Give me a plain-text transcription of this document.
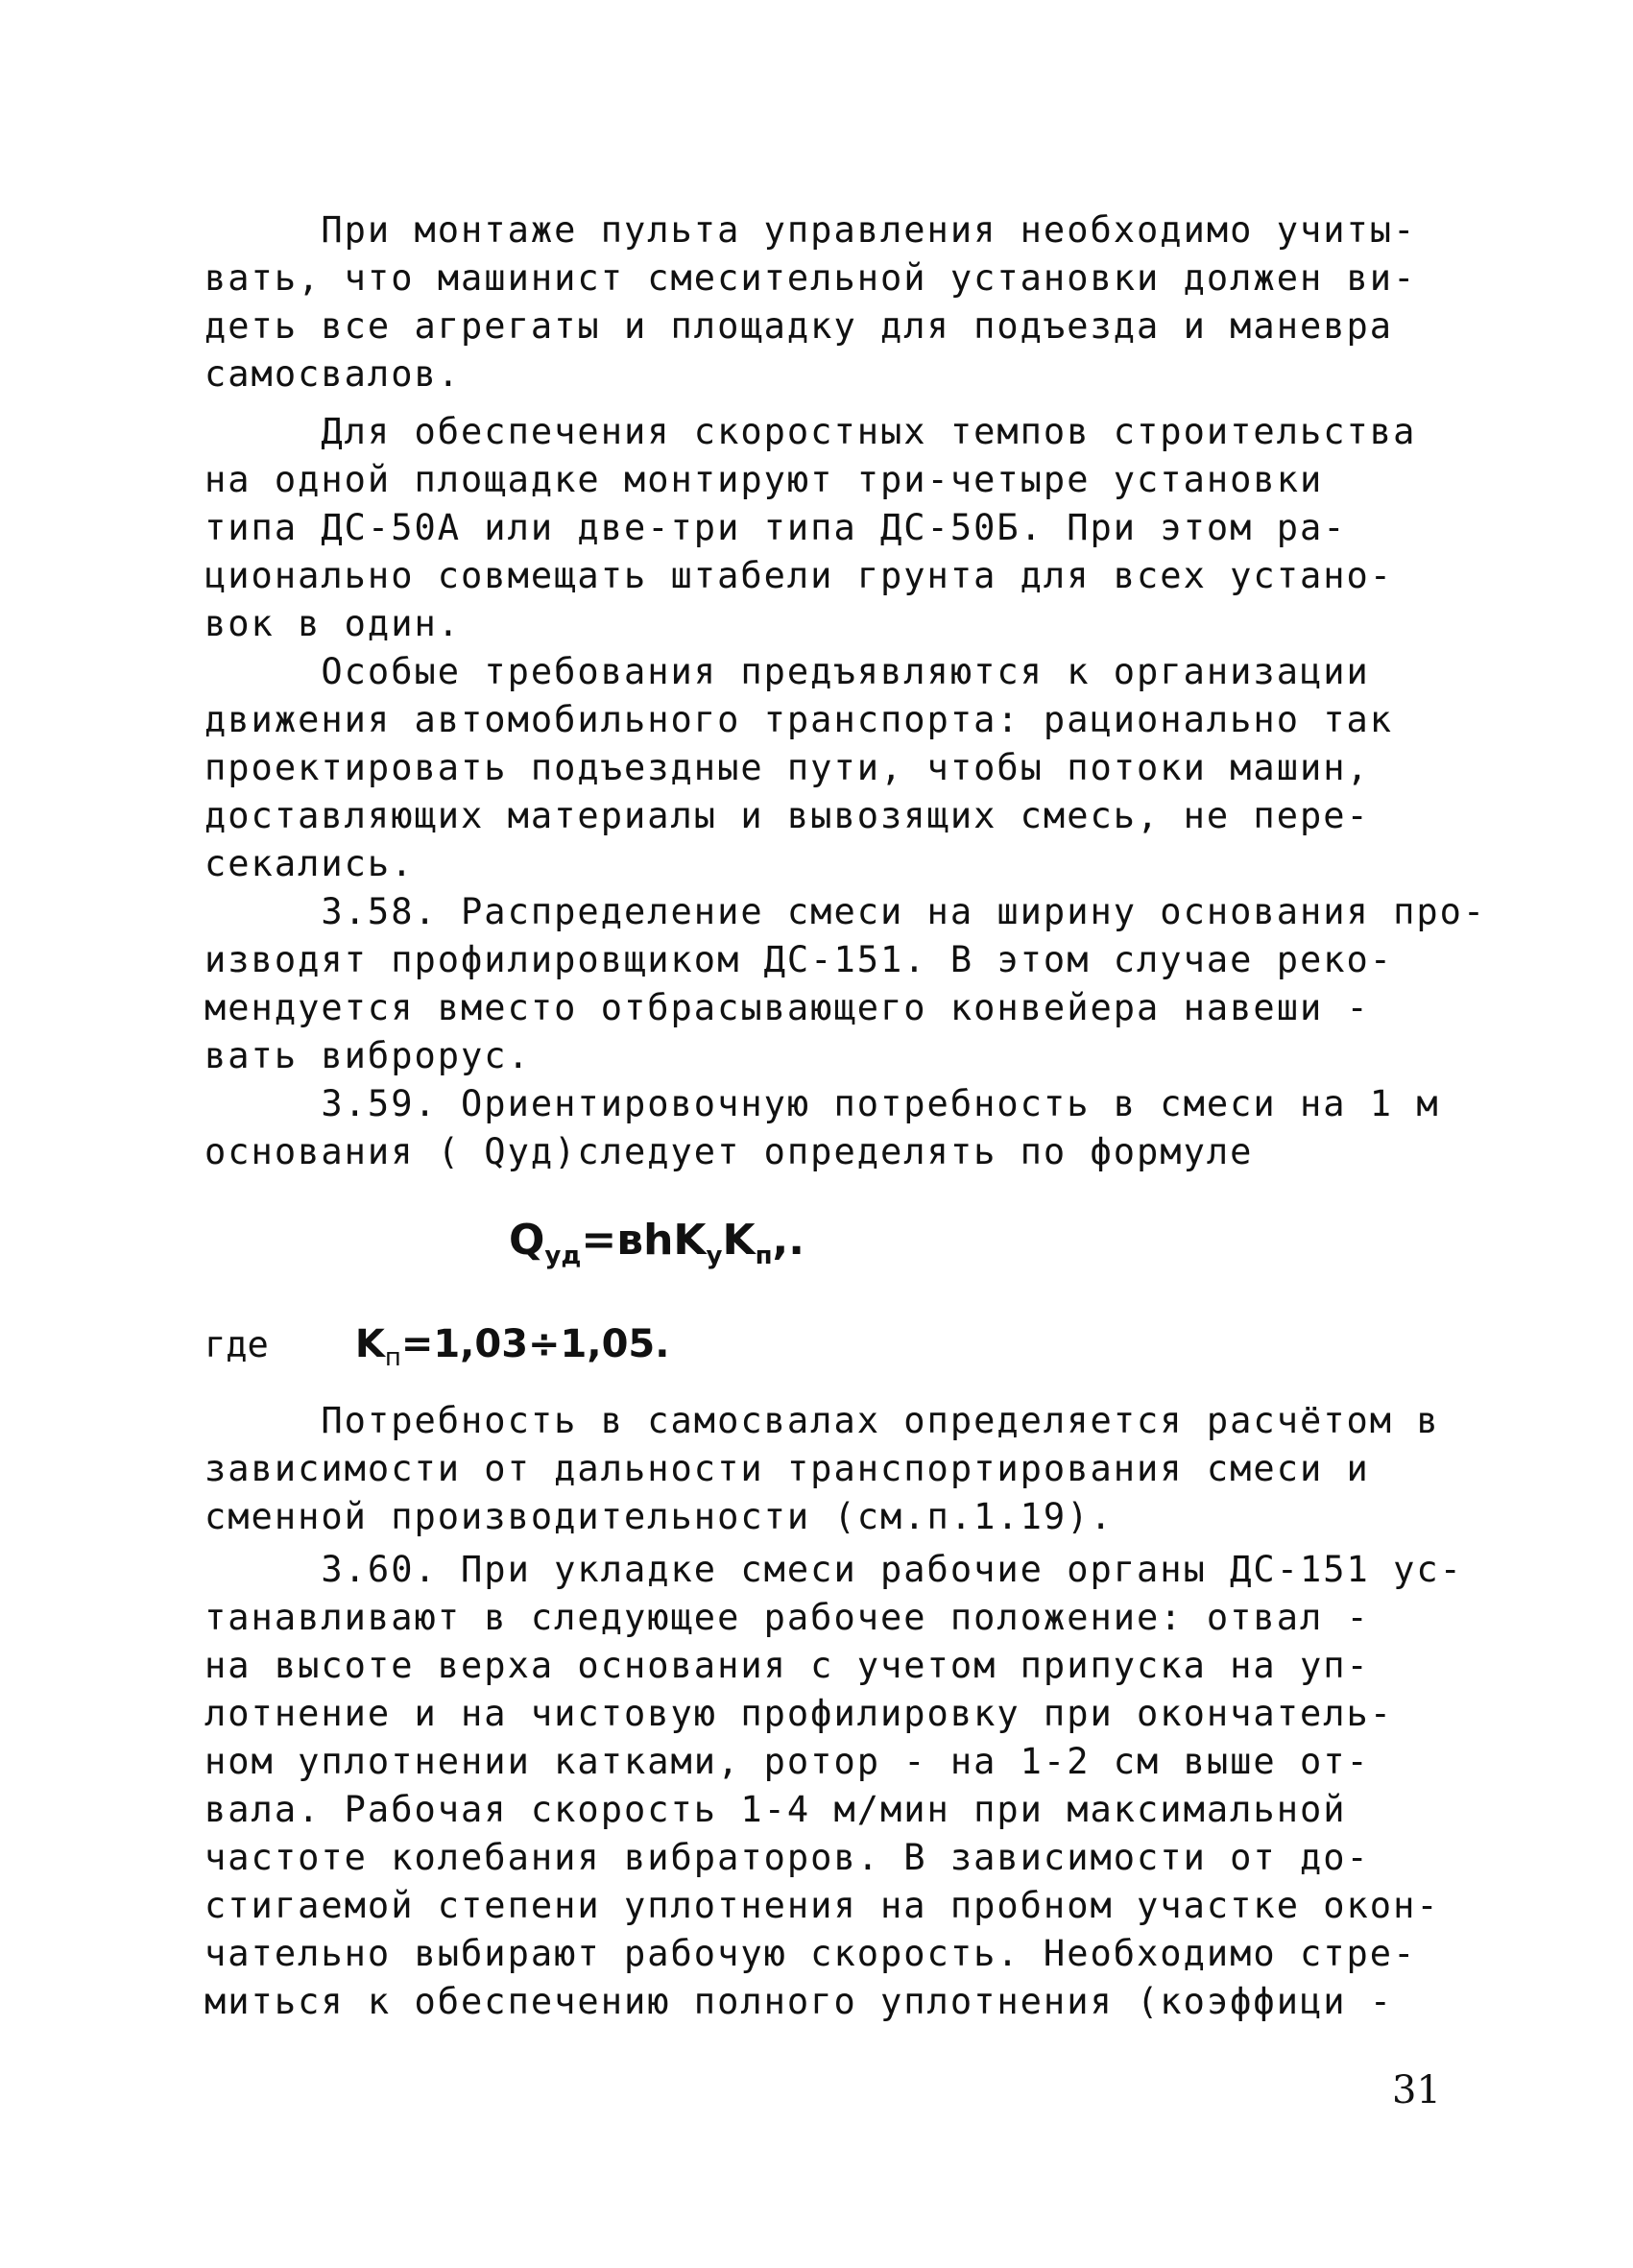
При монтаже пульта управления необходимо учиты-
вать, что машинист смесительной установки должен ви-
деть все агрегаты и площадку для подъезда и маневра
самосвалов.
Для обеспечения скоростных темпов строительства
на одной площадке монтируют три-четыре установки
типа ДС-50А или две-три типа ДС-50Б. При этом ра-
ционально совмещать штабели грунта для всех устано-
вок в один.
Особые требования предъявляются к организации
движения автомобильного транспорта: рационально так
проектировать подъездные пути, чтобы потоки машин,
доставляющих материалы и вывозящих смесь, не пере-
секались.
3.58. Распределение смеси на ширину основания про-
изводят профилировщиком ДС-151. В этом случае реко-
мендуется вместо отбрасывающего конвейера навеши -
вать виброрус.
3.59. Ориентировочную потребность в смеси на 1 м
основания ( Qуд)следует определять по формуле
$Q_{уд}=вhK_уK_п$,.
где $K_п=1,03\div 1,05$.
Потребность в самосвалах определяется расчётом в
зависимости от дальности транспортирования смеси и
сменной производительности (см.п.1.19).
3.60. При укладке смеси рабочие органы ДС-151 ус-
танавливают в следующее рабочее положение: отвал -
на высоте верха основания с учетом припуска на уп-
лотнение и на чистовую профилировку при окончатель-
ном уплотнении катками, ротор - на 1-2 см выше от-
вала. Рабочая скорость 1-4 м/мин при максимальной
частоте колебания вибраторов. В зависимости от до-
стигаемой степени уплотнения на пробном участке окон-
чательно выбирают рабочую скорость. Необходимо стре-
миться к обеспечению полного уплотнения (коэффици -
31
